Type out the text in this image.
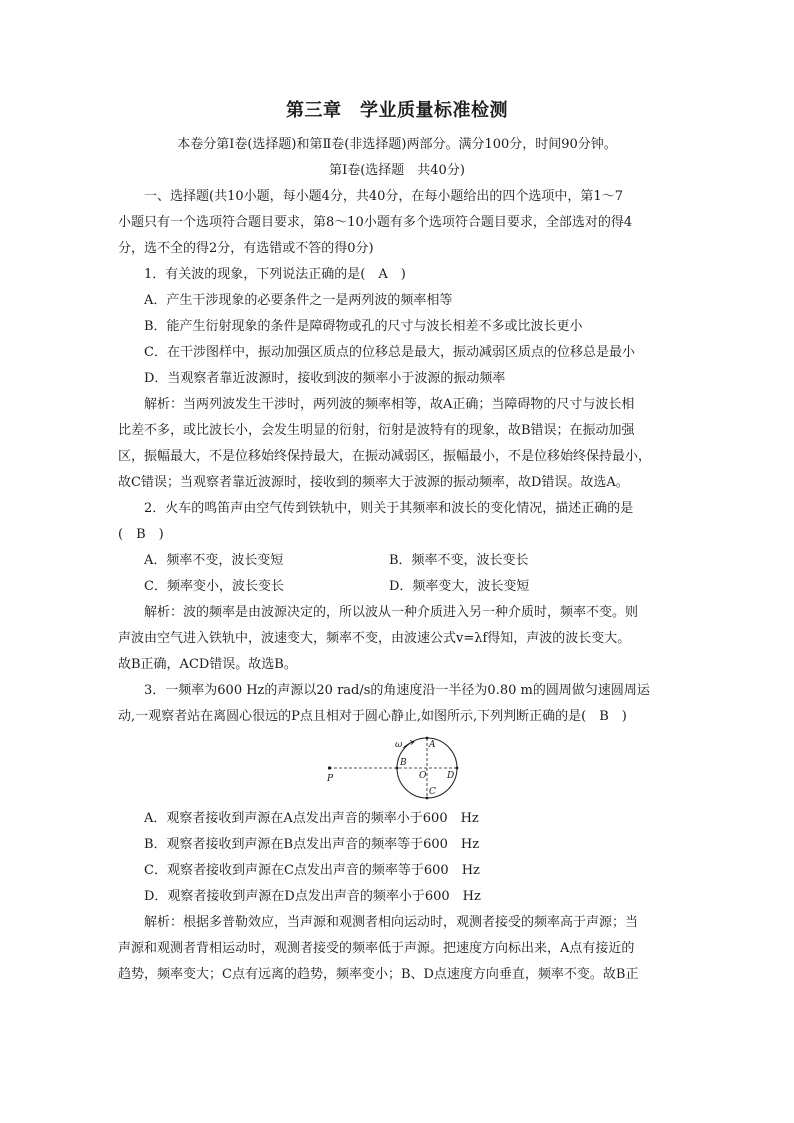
第三章　学业质量标准检测
本卷分第Ⅰ卷(选择题)和第Ⅱ卷(非选择题)两部分。满分100分，时间90分钟。
第Ⅰ卷(选择题　共40分)
一、选择题(共10小题，每小题4分，共40分，在每小题给出的四个选项中，第1～7
小题只有一个选项符合题目要求，第8～10小题有多个选项符合题目要求，全部选对的得4
分，选不全的得2分，有选错或不答的得0分)
1．有关波的现象，下列说法正确的是(　A　)
A．产生干涉现象的必要条件之一是两列波的频率相等
B．能产生衍射现象的条件是障碍物或孔的尺寸与波长相差不多或比波长更小
C．在干涉图样中，振动加强区质点的位移总是最大，振动减弱区质点的位移总是最小
D．当观察者靠近波源时，接收到波的频率小于波源的振动频率
解析：当两列波发生干涉时，两列波的频率相等，故A正确；当障碍物的尺寸与波长相
比差不多，或比波长小，会发生明显的衍射，衍射是波特有的现象，故B错误；在振动加强
区，振幅最大，不是位移始终保持最大，在振动减弱区，振幅最小，不是位移始终保持最小，
故C错误；当观察者靠近波源时，接收到的频率大于波源的振动频率，故D错误。故选A。
2．火车的鸣笛声由空气传到铁轨中，则关于其频率和波长的变化情况，描述正确的是
(　B　)
A．频率不变，波长变短	B．频率不变，波长变长
C．频率变小，波长变长	D．频率变大，波长变短
解析：波的频率是由波源决定的，所以波从一种介质进入另一种介质时，频率不变。则
声波由空气进入铁轨中，波速变大，频率不变，由波速公式v=λf得知，声波的波长变大。
故B正确，ACD错误。故选B。
3．一频率为600 Hz的声源以20 rad/s的角速度沿一半径为0.80 m的圆周做匀速圆周运
动,一观察者站在离圆心很远的P点且相对于圆心静止,如图所示,下列判断正确的是(　B　)
P
A
B
C
D
O
ω
A．观察者接收到声源在A点发出声音的频率小于600　Hz
B．观察者接收到声源在B点发出声音的频率等于600　Hz
C．观察者接收到声源在C点发出声音的频率等于600　Hz
D．观察者接收到声源在D点发出声音的频率小于600　Hz
解析：根据多普勒效应，当声源和观测者相向运动时，观测者接受的频率高于声源；当
声源和观测者背相运动时，观测者接受的频率低于声源。把速度方向标出来，A点有接近的
趋势，频率变大；C点有远离的趋势，频率变小；B、D点速度方向垂直，频率不变。故B正
